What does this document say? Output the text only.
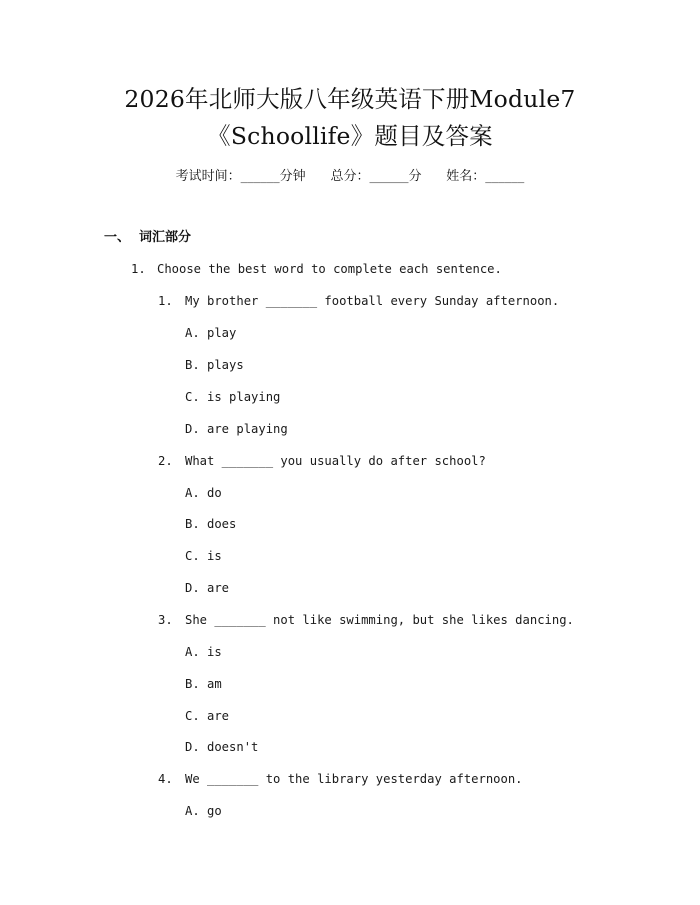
2026年北师大版八年级英语下册Module7
《Schoollife》题目及答案
考试时间：______分钟 总分：______分 姓名：______
一、  词汇部分
1. Choose the best word to complete each sentence.
1. My brother _______ football every Sunday afternoon.
A. play
B. plays
C. is playing
D. are playing
2. What _______ you usually do after school?
A. do
B. does
C. is
D. are
3. She _______ not like swimming, but she likes dancing.
A. is
B. am
C. are
D. doesn't
4. We _______ to the library yesterday afternoon.
A. go
